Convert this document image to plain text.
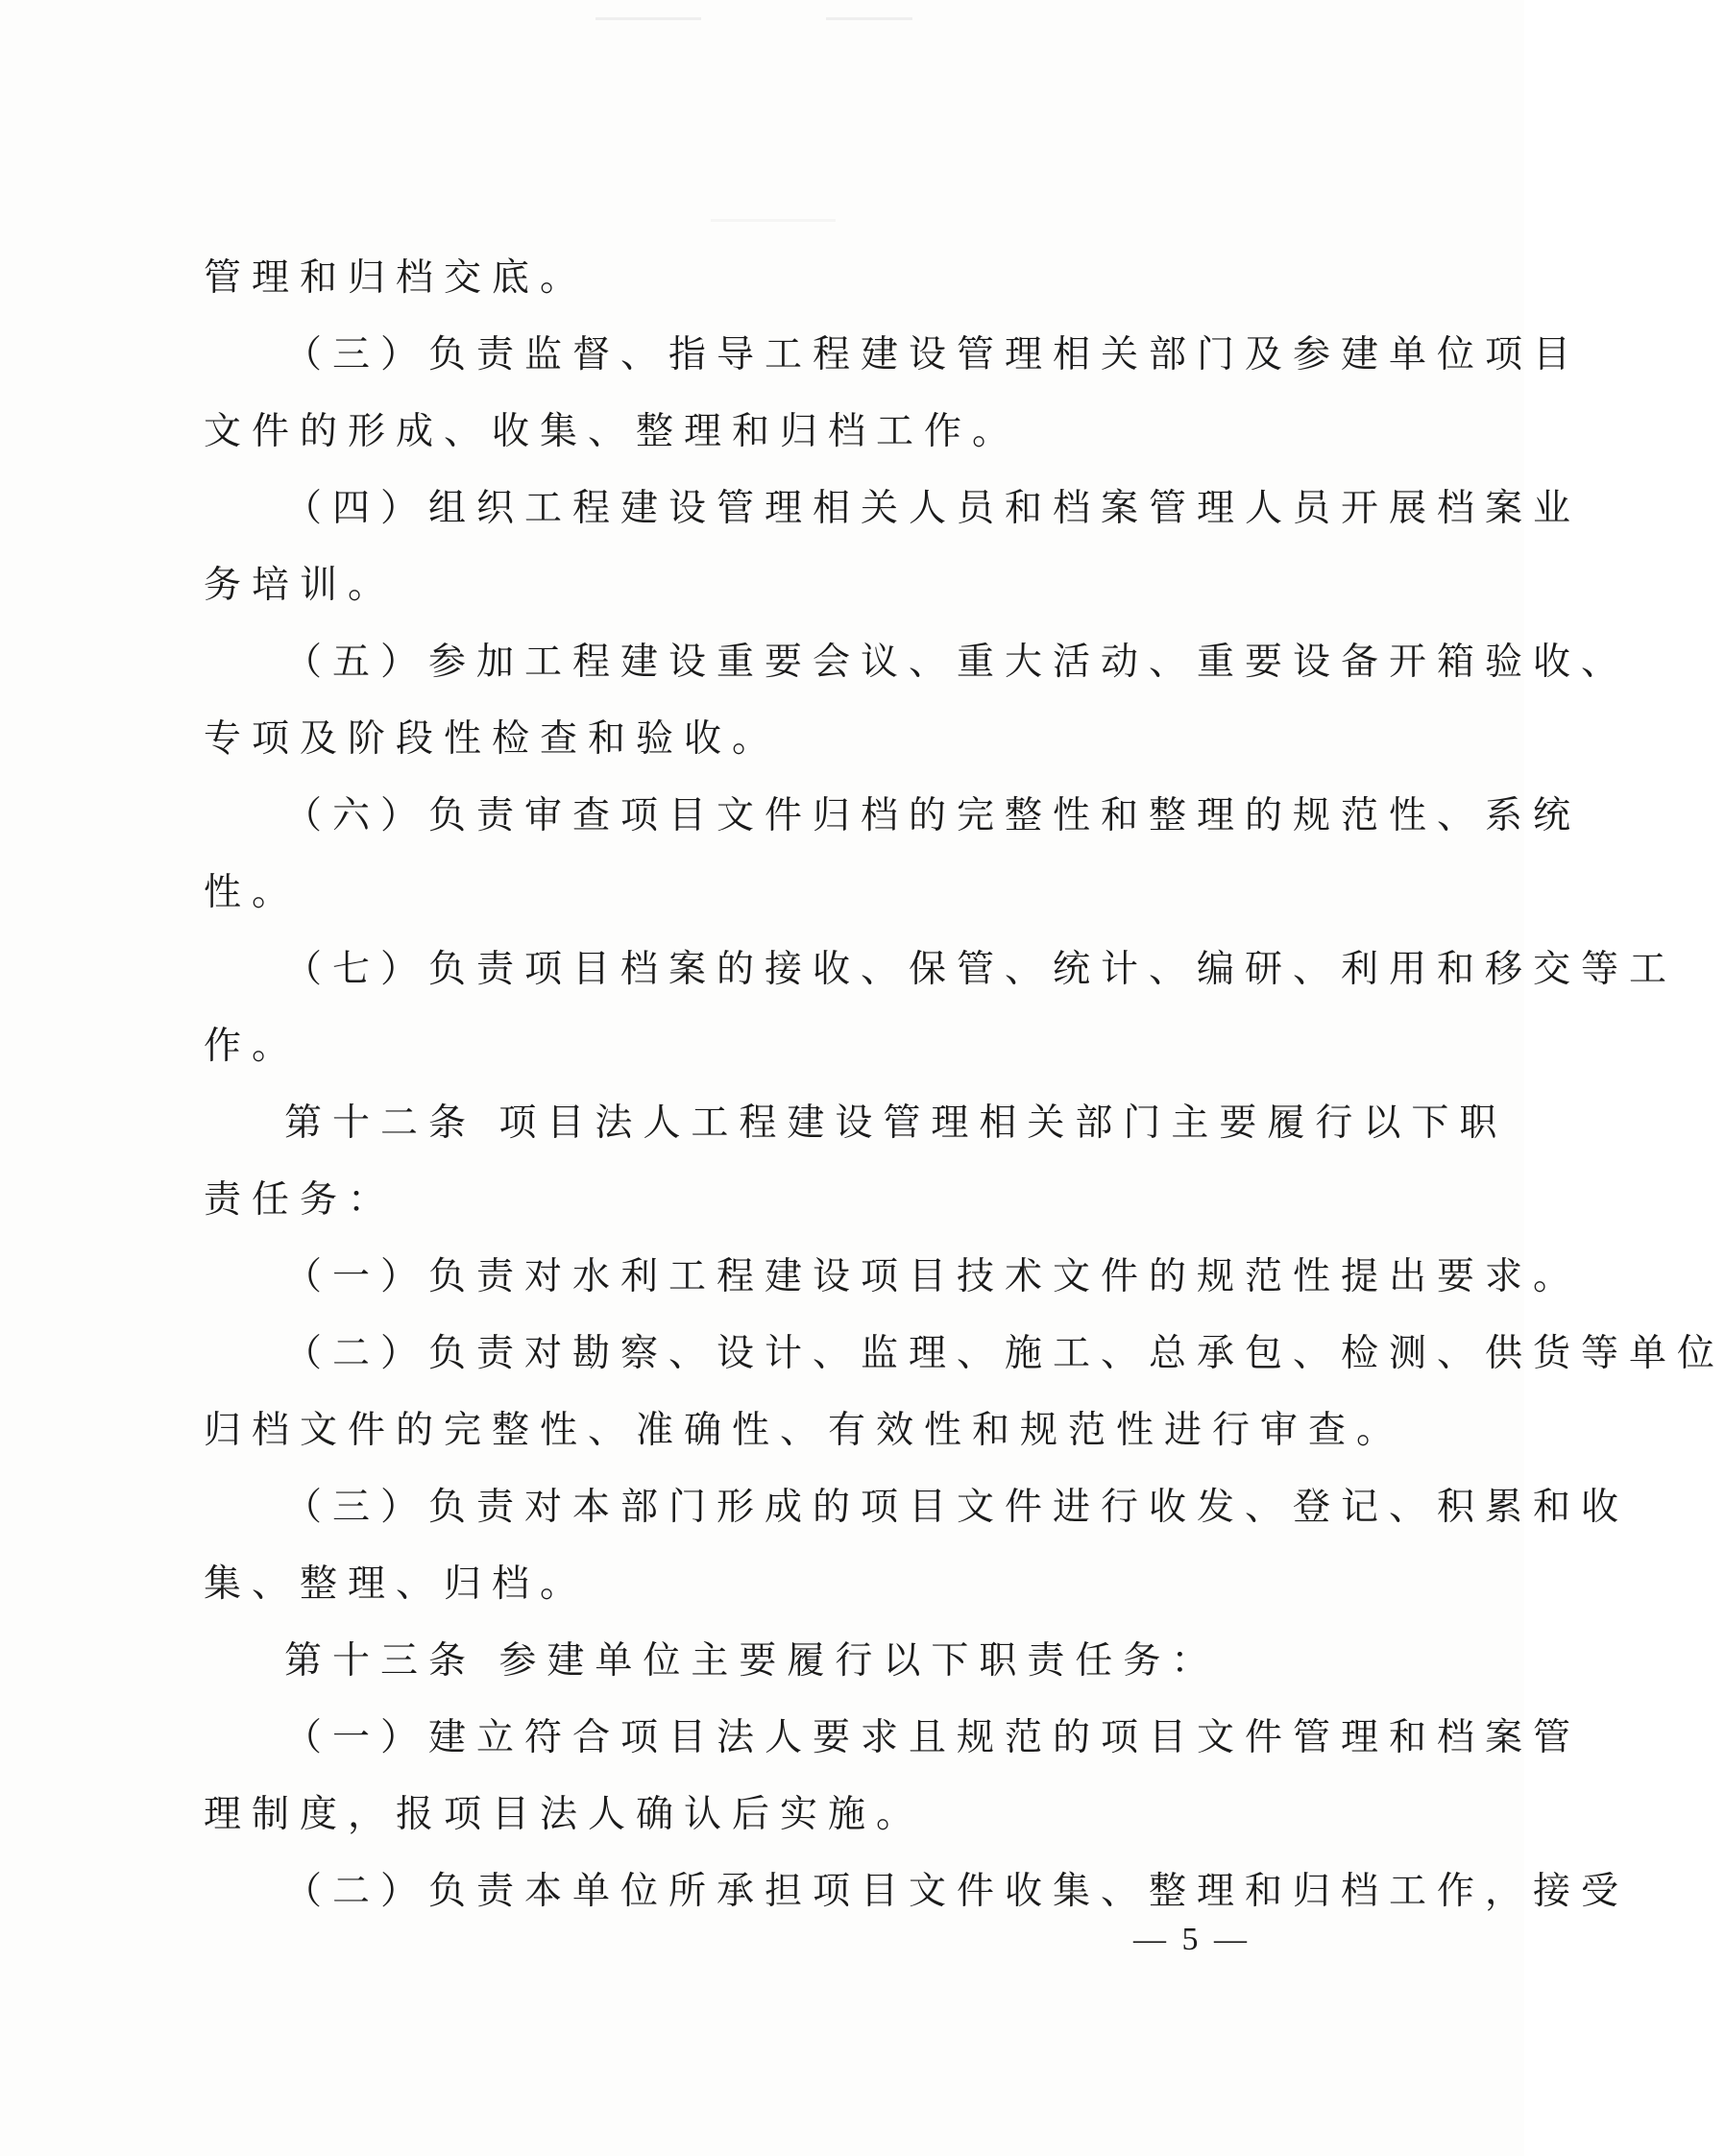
管理和归档交底。
（三）负责监督、指导工程建设管理相关部门及参建单位项目
文件的形成、收集、整理和归档工作。
（四）组织工程建设管理相关人员和档案管理人员开展档案业
务培训。
（五）参加工程建设重要会议、重大活动、重要设备开箱验收、
专项及阶段性检查和验收。
（六）负责审查项目文件归档的完整性和整理的规范性、系统
性。
（七）负责项目档案的接收、保管、统计、编研、利用和移交等工
作。
第十二条 项目法人工程建设管理相关部门主要履行以下职
责任务：
（一）负责对水利工程建设项目技术文件的规范性提出要求。
（二）负责对勘察、设计、监理、施工、总承包、检测、供货等单位
归档文件的完整性、准确性、有效性和规范性进行审查。
（三）负责对本部门形成的项目文件进行收发、登记、积累和收
集、整理、归档。
第十三条 参建单位主要履行以下职责任务：
（一）建立符合项目法人要求且规范的项目文件管理和档案管
理制度，报项目法人确认后实施。
（二）负责本单位所承担项目文件收集、整理和归档工作，接受
— 5 —
